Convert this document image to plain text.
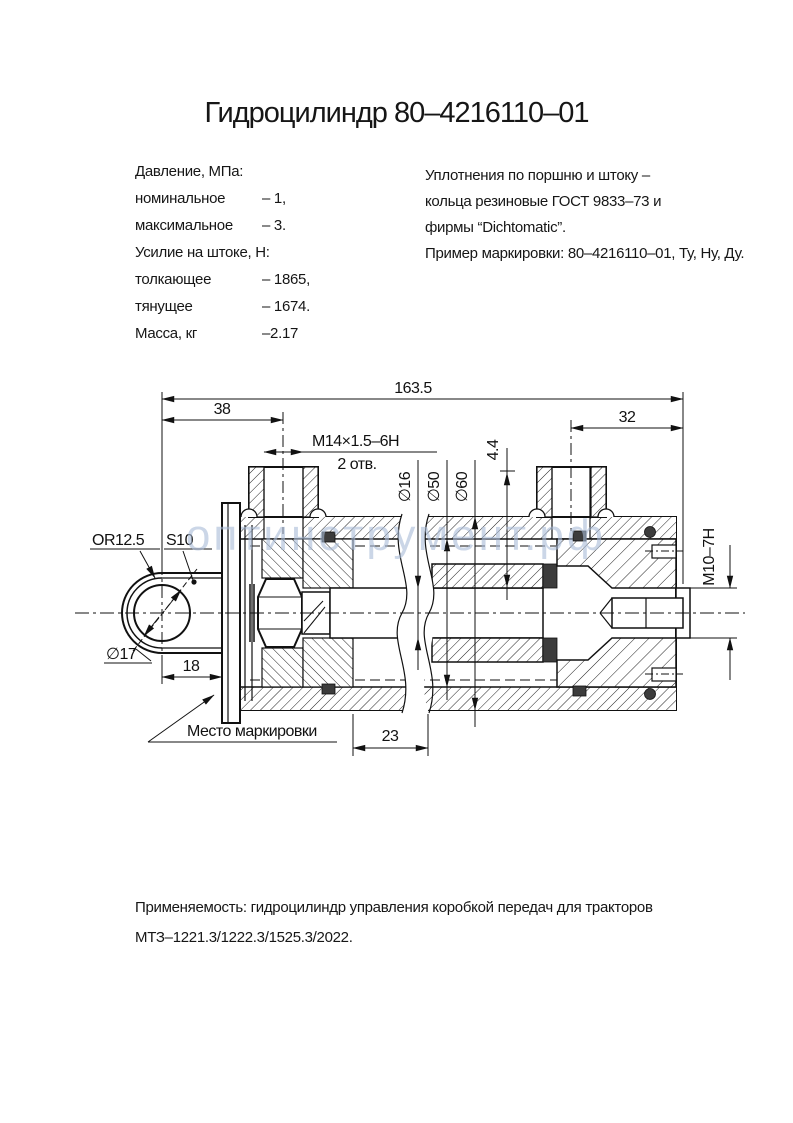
Гидроцилиндр 80–4216110–01
Давление, МПа:
номинальное – 1,
максимальное – 3.
Усилие на штоке, Н:
толкающее	– 1865,
тянущее	– 1674.
Масса, кг	–2.17
Уплотнения по поршню и штоку –
кольца резиновые ГОСТ 9833–73 и
фирмы “Dichtomatic”.
Пример маркировки: 80–4216110–01, Ту, Ну, Ду.
163.5
38	32
M14×1.5–6H
2 отв.
∅16 ∅50 ∅60
4.4
M10–7H
OR12.5 S10
∅17
18
23
Место маркировки
оптинструмент.рф
Применяемость: гидроцилиндр управления коробкой передач для тракторов
МТЗ–1221.3/1222.3/1525.3/2022.
